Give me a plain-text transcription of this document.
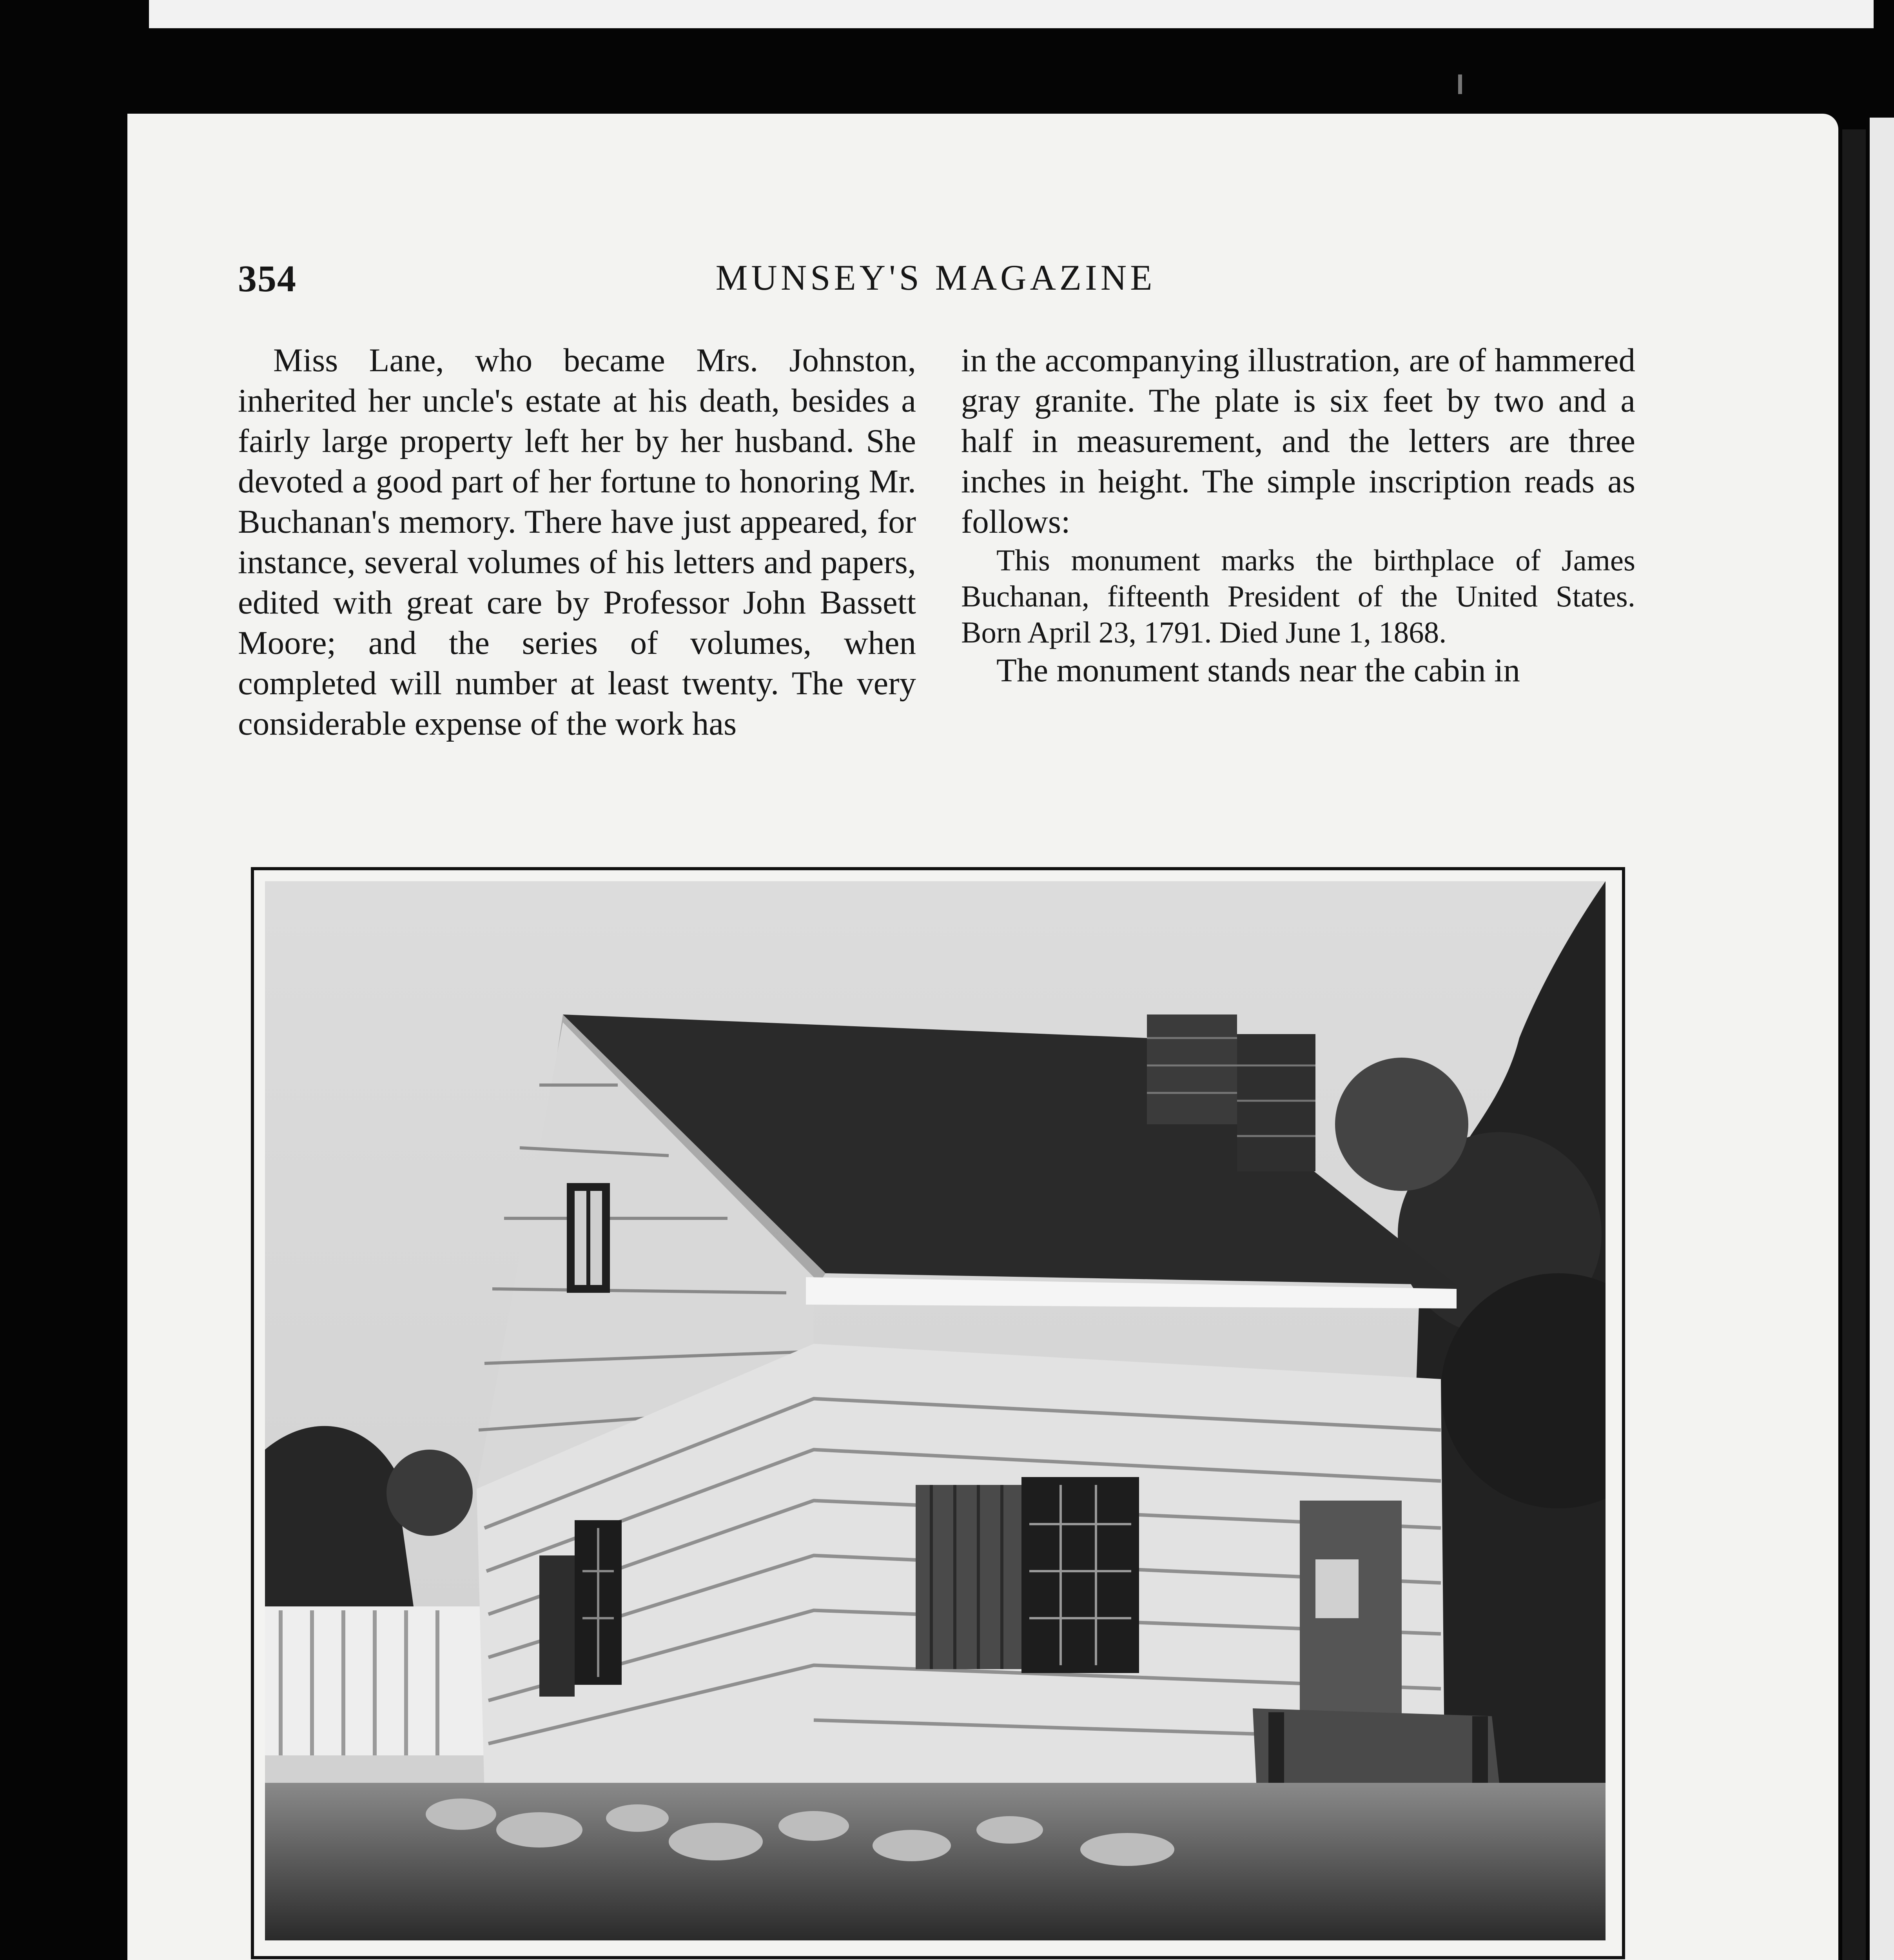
354	MUNSEY'S MAGAZINE

Miss Lane, who became Mrs. Johnston, inherited her uncle's estate at his death, besides a fairly large property left her by her husband. She devoted a good part of her fortune to honoring Mr. Buchanan's memory. There have just appeared, for instance, several volumes of his letters and papers, edited with great care by Professor John Bassett Moore; and the series of volumes, when completed will number at least twenty. The very considerable expense of the work has

in the accompanying illustration, are of hammered gray granite. The plate is six feet by two and a half in measurement, and the letters are three inches in height. The simple inscription reads as follows:

This monument marks the birthplace of James Buchanan, fifteenth President of the United States. Born April 23, 1791. Died June 1, 1868.

The monument stands near the cabin in
